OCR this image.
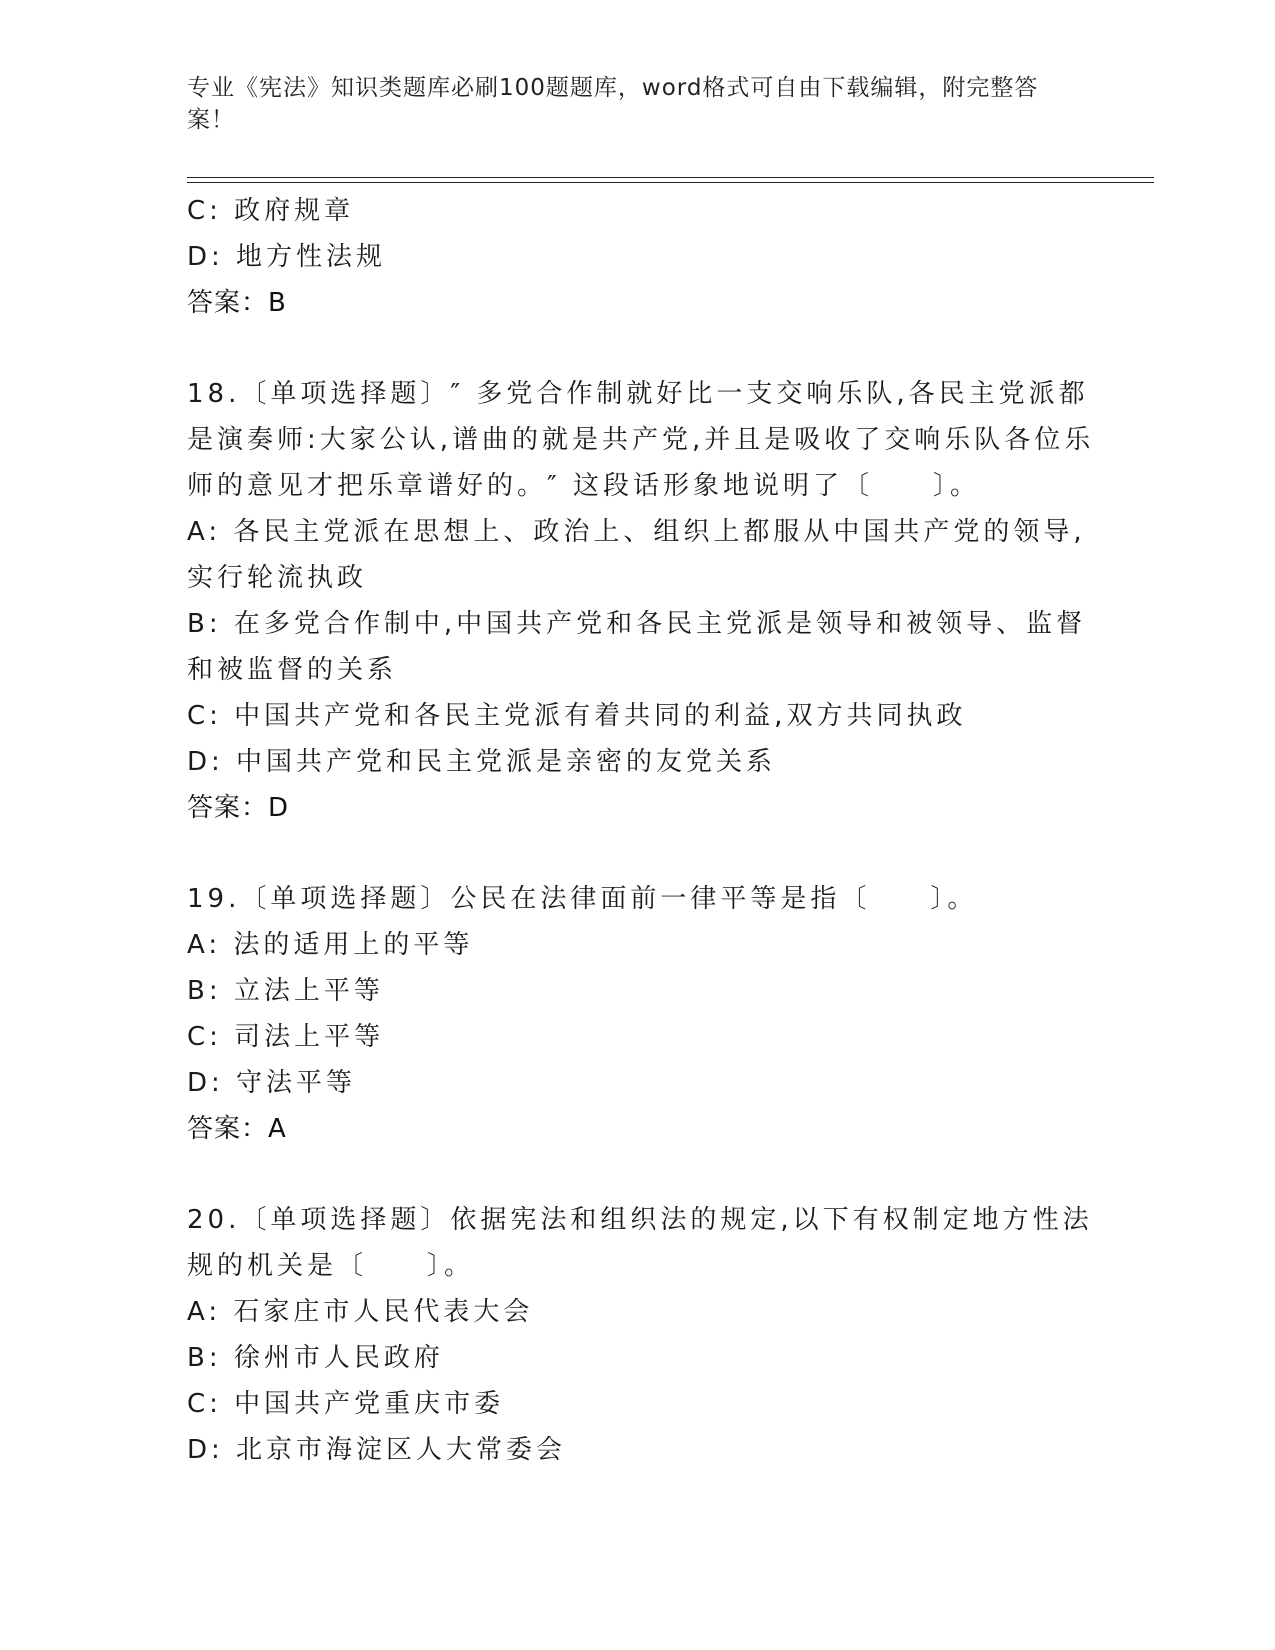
专业《宪法》知识类题库必刷100题题库，word格式可自由下载编辑，附完整答案！
C: 政府规章
D: 地方性法规
答案：B
18.〔单项选择题〕″ 多党合作制就好比一支交响乐队,各民主党派都
是演奏师:大家公认,谱曲的就是共产党,并且是吸收了交响乐队各位乐
师的意见才把乐章谱好的。″ 这段话形象地说明了〔　　〕。
A: 各民主党派在思想上、政治上、组织上都服从中国共产党的领导,
实行轮流执政
B: 在多党合作制中,中国共产党和各民主党派是领导和被领导、监督
和被监督的关系
C: 中国共产党和各民主党派有着共同的利益,双方共同执政
D: 中国共产党和民主党派是亲密的友党关系
答案：D
19.〔单项选择题〕公民在法律面前一律平等是指〔　　〕。
A: 法的适用上的平等
B: 立法上平等
C: 司法上平等
D: 守法平等
答案：A
20.〔单项选择题〕依据宪法和组织法的规定,以下有权制定地方性法
规的机关是〔　　〕。
A: 石家庄市人民代表大会
B: 徐州市人民政府
C: 中国共产党重庆市委
D: 北京市海淀区人大常委会
